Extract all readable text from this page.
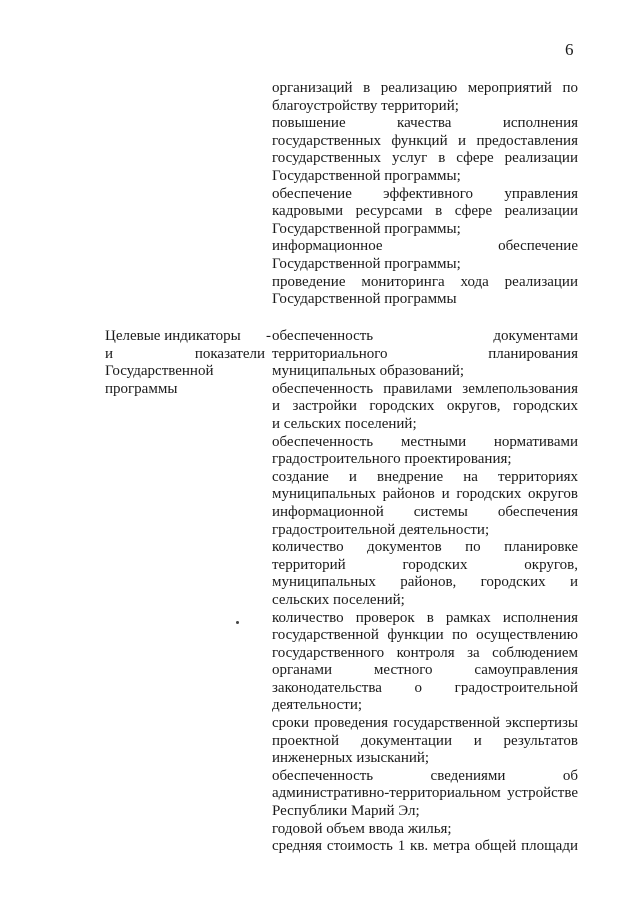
6
организаций в реализацию мероприятий по
благоустройству территорий;
повышение качества исполнения
государственных функций и предоставления
государственных услуг в сфере реализации
Государственной программы;
обеспечение эффективного управления
кадровыми ресурсами в сфере реализации
Государственной программы;
информационное обеспечение
Государственной программы;
проведение мониторинга хода реализации
Государственной программы
-
Целевые индикаторы
и показатели
Государственной
программы
обеспеченность документами
территориального планирования
муниципальных образований;
обеспеченность правилами землепользования
и застройки городских округов, городских
и сельских поселений;
обеспеченность местными нормативами
градостроительного проектирования;
создание и внедрение на территориях
муниципальных районов и городских округов
информационной системы обеспечения
градостроительной деятельности;
количество документов по планировке
территорий городских округов,
муниципальных районов, городских и
сельских поселений;
количество проверок в рамках исполнения
государственной функции по осуществлению
государственного контроля за соблюдением
органами местного самоуправления
законодательства о градостроительной
деятельности;
сроки проведения государственной экспертизы
проектной документации и результатов
инженерных изысканий;
обеспеченность сведениями об
административно-территориальном устройстве
Республики Марий Эл;
годовой объем ввода жилья;
средняя стоимость 1 кв. метра общей площади
